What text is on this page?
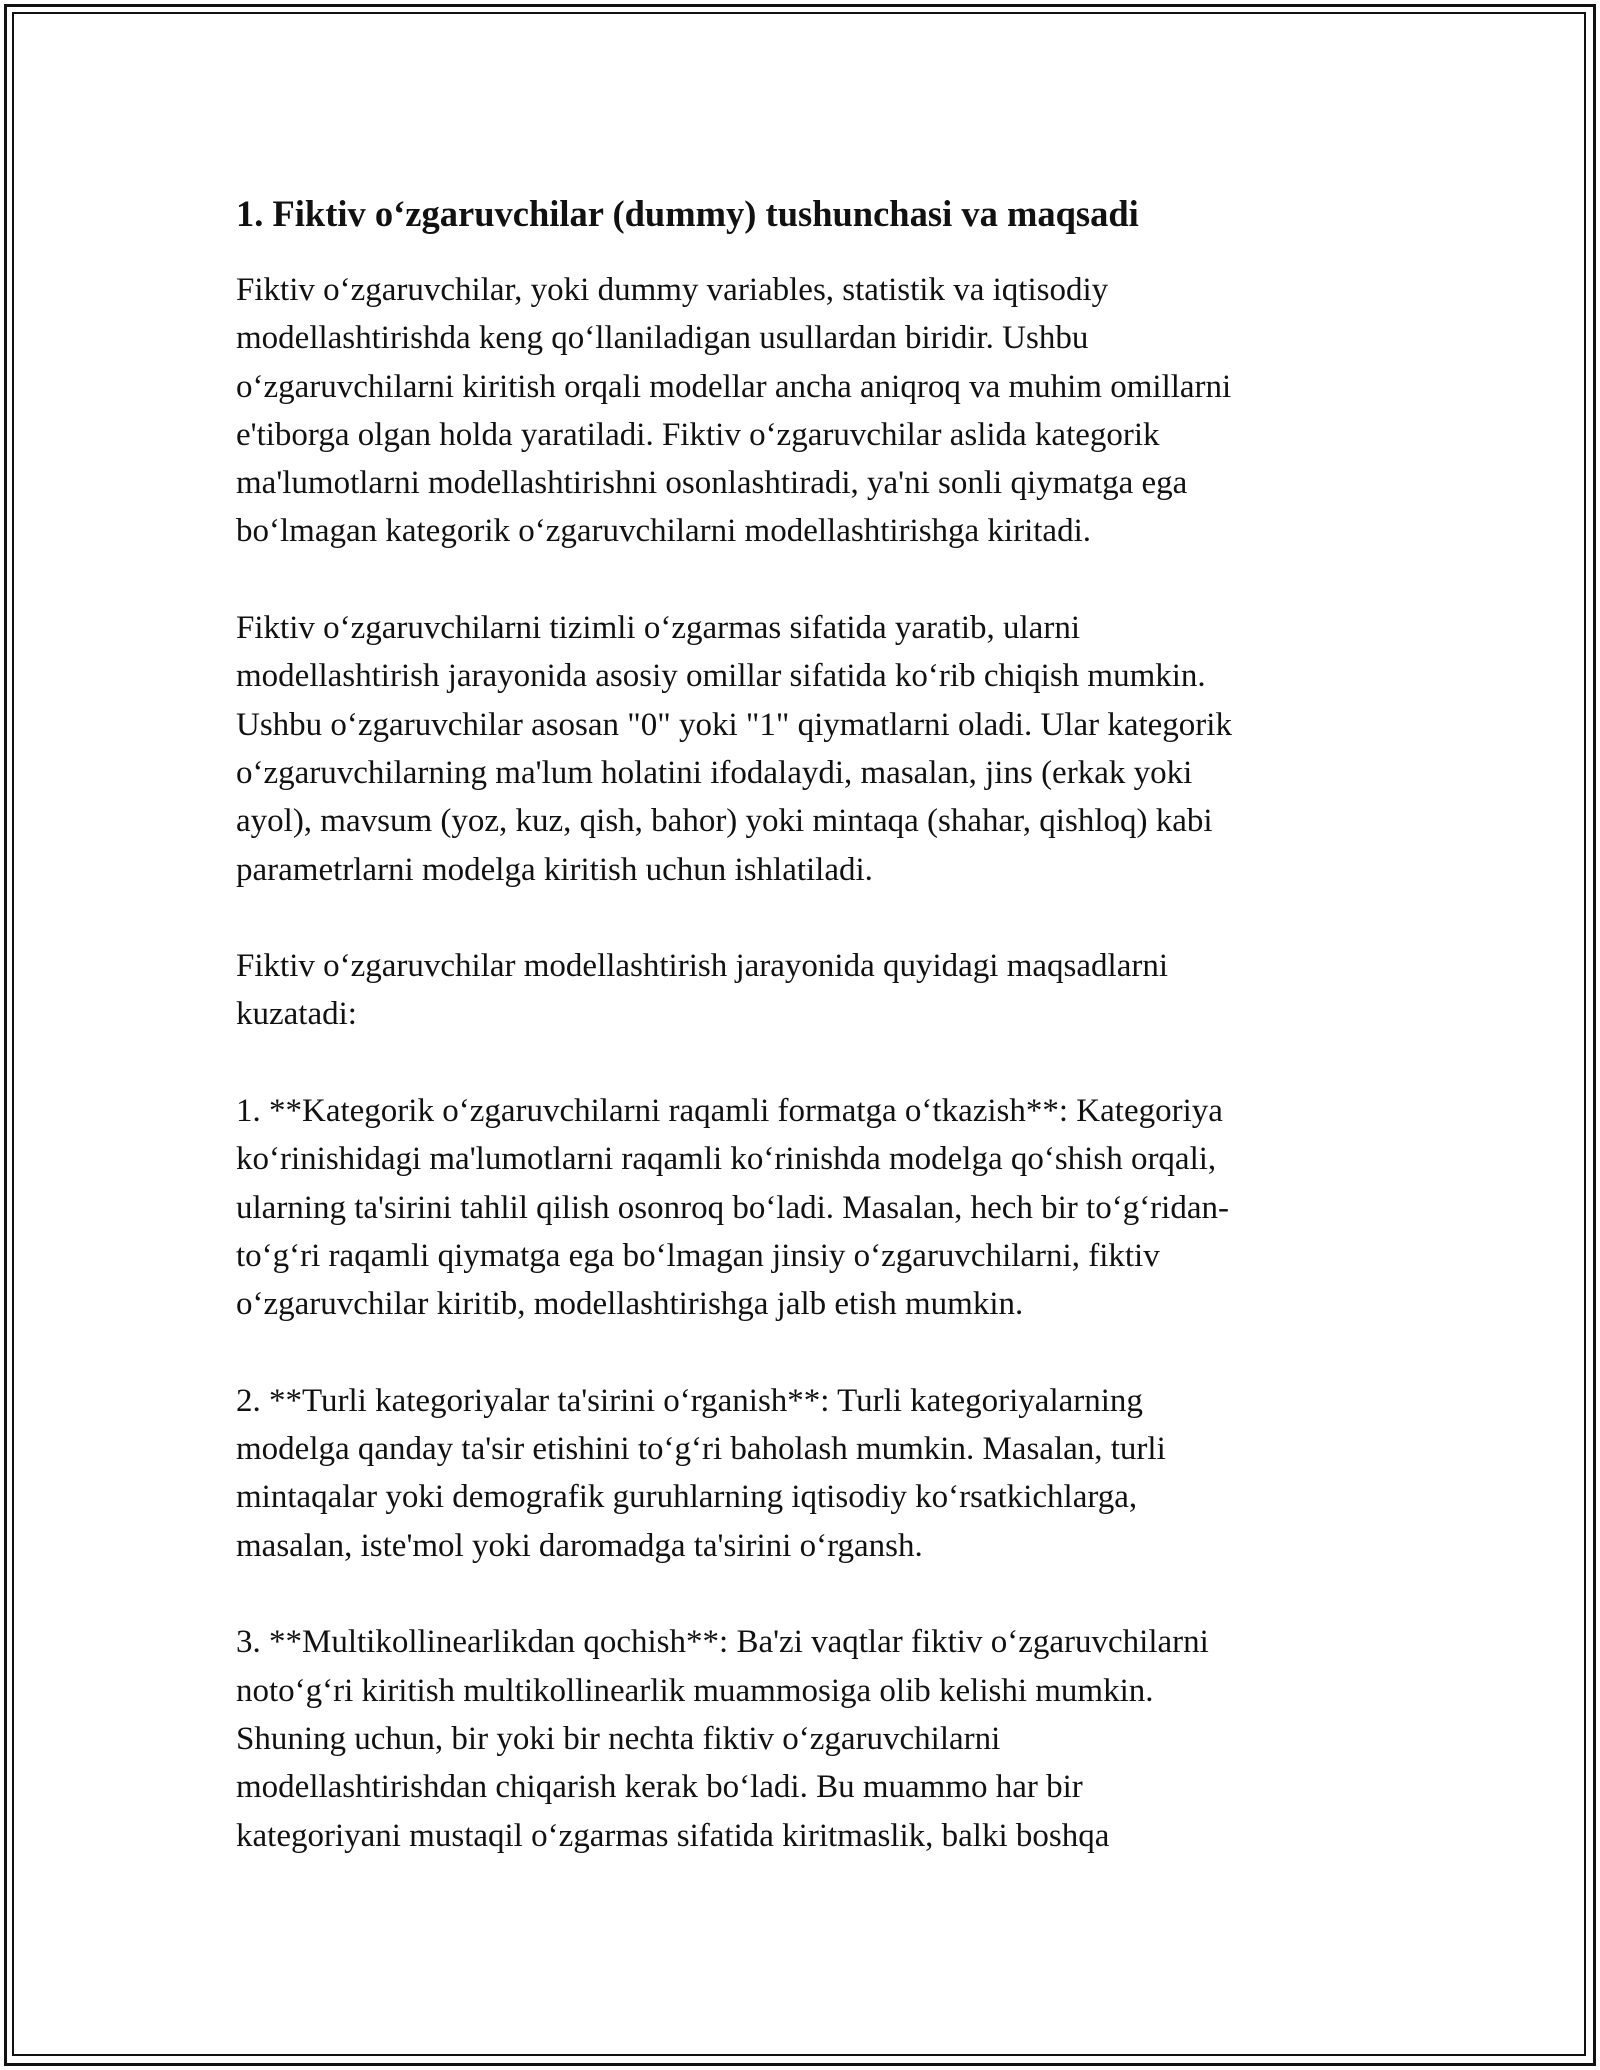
1. Fiktiv o‘zgaruvchilar (dummy) tushunchasi va maqsadi

Fiktiv o‘zgaruvchilar, yoki dummy variables, statistik va iqtisodiy
modellashtirishda keng qo‘llaniladigan usullardan biridir. Ushbu
o‘zgaruvchilarni kiritish orqali modellar ancha aniqroq va muhim omillarni
e'tiborga olgan holda yaratiladi. Fiktiv o‘zgaruvchilar aslida kategorik
ma'lumotlarni modellashtirishni osonlashtiradi, ya'ni sonli qiymatga ega
bo‘lmagan kategorik o‘zgaruvchilarni modellashtirishga kiritadi.

Fiktiv o‘zgaruvchilarni tizimli o‘zgarmas sifatida yaratib, ularni
modellashtirish jarayonida asosiy omillar sifatida ko‘rib chiqish mumkin.
Ushbu o‘zgaruvchilar asosan "0" yoki "1" qiymatlarni oladi. Ular kategorik
o‘zgaruvchilarning ma'lum holatini ifodalaydi, masalan, jins (erkak yoki
ayol), mavsum (yoz, kuz, qish, bahor) yoki mintaqa (shahar, qishloq) kabi
parametrlarni modelga kiritish uchun ishlatiladi.

Fiktiv o‘zgaruvchilar modellashtirish jarayonida quyidagi maqsadlarni
kuzatadi:

1. **Kategorik o‘zgaruvchilarni raqamli formatga o‘tkazish**: Kategoriya
ko‘rinishidagi ma'lumotlarni raqamli ko‘rinishda modelga qo‘shish orqali,
ularning ta'sirini tahlil qilish osonroq bo‘ladi. Masalan, hech bir to‘g‘ridan-
to‘g‘ri raqamli qiymatga ega bo‘lmagan jinsiy o‘zgaruvchilarni, fiktiv
o‘zgaruvchilar kiritib, modellashtirishga jalb etish mumkin.

2. **Turli kategoriyalar ta'sirini o‘rganish**: Turli kategoriyalarning
modelga qanday ta'sir etishini to‘g‘ri baholash mumkin. Masalan, turli
mintaqalar yoki demografik guruhlarning iqtisodiy ko‘rsatkichlarga,
masalan, iste'mol yoki daromadga ta'sirini o‘rgansh.

3. **Multikollinearlikdan qochish**: Ba'zi vaqtlar fiktiv o‘zgaruvchilarni
noto‘g‘ri kiritish multikollinearlik muammosiga olib kelishi mumkin.
Shuning uchun, bir yoki bir nechta fiktiv o‘zgaruvchilarni
modellashtirishdan chiqarish kerak bo‘ladi. Bu muammo har bir
kategoriyani mustaqil o‘zgarmas sifatida kiritmaslik, balki boshqa
